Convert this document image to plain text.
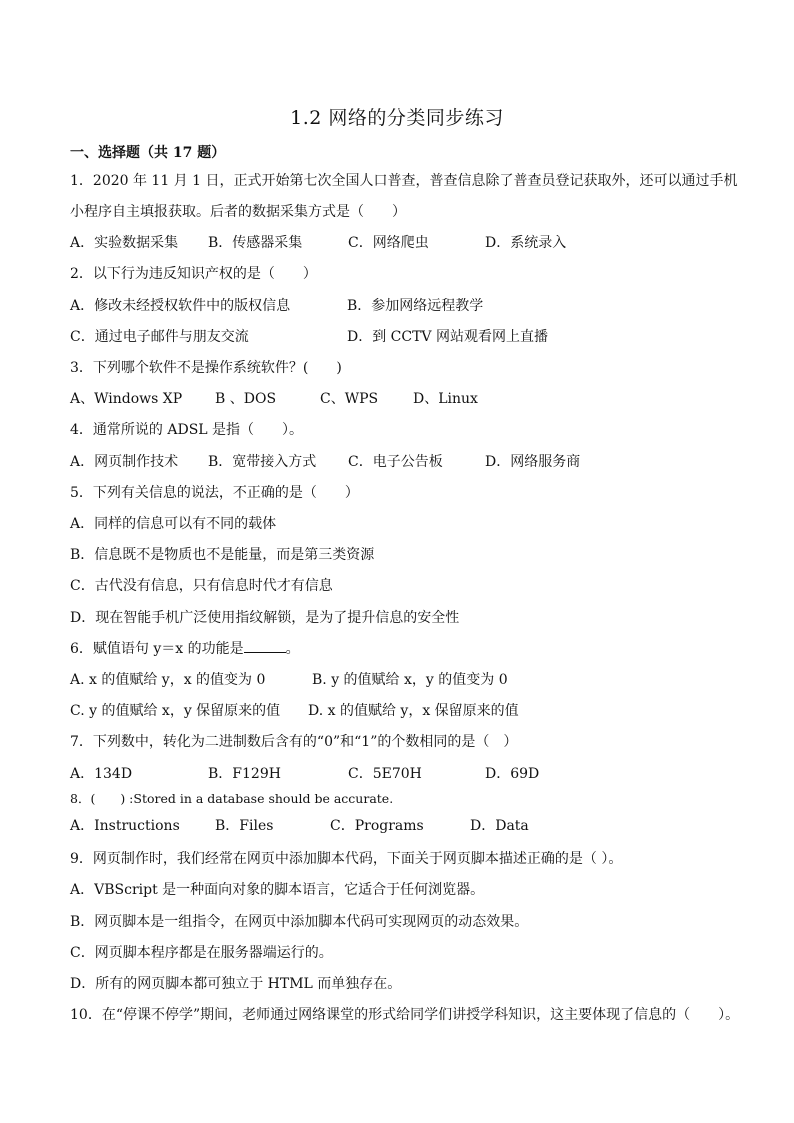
1.2 网络的分类同步练习
一、选择题（共 17 题）
1．2020 年 11 月 1 日，正式开始第七次全国人口普查，普查信息除了普查员登记获取外，还可以通过手机
小程序自主填报获取。后者的数据采集方式是（　　）
A．实验数据采集 B．传感器采集	C．网络爬虫	D．系统录入
2．以下行为违反知识产权的是（　　）
A．修改未经授权软件中的版权信息	B．参加网络远程教学
C．通过电子邮件与朋友交流	D．到 CCTV 网站观看网上直播
3．下列哪个软件不是操作系统软件？(　　)
A、Windows XP B 、DOS	C、WPS D、Linux
4．通常所说的 ADSL 是指（　　）。
A．网页制作技术 B．宽带接入方式 C．电子公告板	D．网络服务商
5．下列有关信息的说法，不正确的是（　　）
A．同样的信息可以有不同的载体
B．信息既不是物质也不是能量，而是第三类资源
C．古代没有信息，只有信息时代才有信息
D．现在智能手机广泛使用指纹解锁，是为了提升信息的安全性
6．赋值语句 y＝x 的功能是	。
A. x 的值赋给 y，x 的值变为 0	B. y 的值赋给 x，y 的值变为 0
C. y 的值赋给 x，y 保留原来的值 D. x 的值赋给 y，x 保留原来的值
7．下列数中，转化为二进制数后含有的“0”和“1”的个数相同的是（　）
A．134D	B．F129H	C．5E70H	D．69D
8．(　　) :Stored in a database should be accurate.
A．Instructions	B．Files	C．Programs	D．Data
9．网页制作时，我们经常在网页中添加脚本代码，下面关于网页脚本描述正确的是（ ）。
A．VBScript 是一种面向对象的脚本语言，它适合于任何浏览器。
B．网页脚本是一组指令，在网页中添加脚本代码可实现网页的动态效果。
C．网页脚本程序都是在服务器端运行的。
D．所有的网页脚本都可独立于 HTML 而单独存在。
10．在“停课不停学”期间，老师通过网络课堂的形式给同学们讲授学科知识，这主要体现了信息的（　　）。
